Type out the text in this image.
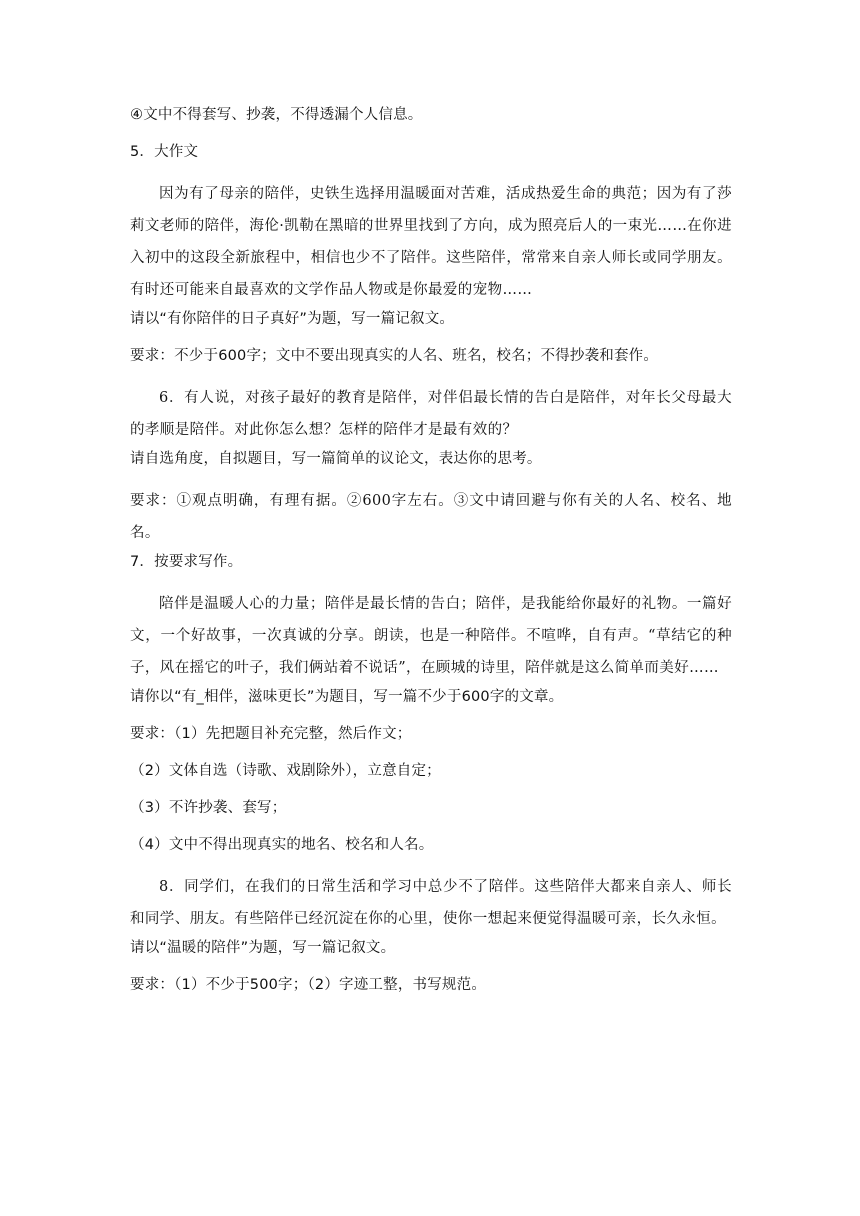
④文中不得套写、抄袭，不得透漏个人信息。

5．大作文

因为有了母亲的陪伴，史铁生选择用温暖面对苦难，活成热爱生命的典范；因为有了莎莉文老师的陪伴，海伦·凯勒在黑暗的世界里找到了方向，成为照亮后人的一束光……在你进入初中的这段全新旅程中，相信也少不了陪伴。这些陪伴，常常来自亲人师长或同学朋友。有时还可能来自最喜欢的文学作品人物或是你最爱的宠物……

请以“有你陪伴的日子真好”为题，写一篇记叙文。

要求：不少于600字；文中不要出现真实的人名、班名，校名；不得抄袭和套作。

6．有人说，对孩子最好的教育是陪伴，对伴侣最长情的告白是陪伴，对年长父母最大的孝顺是陪伴。对此你怎么想？怎样的陪伴才是最有效的？

请自选角度，自拟题目，写一篇简单的议论文，表达你的思考。

要求：①观点明确，有理有据。②600字左右。③文中请回避与你有关的人名、校名、地名。

7．按要求写作。

陪伴是温暖人心的力量；陪伴是最长情的告白；陪伴，是我能给你最好的礼物。一篇好文，一个好故事，一次真诚的分享。朗读，也是一种陪伴。不喧哗，自有声。“草结它的种子，风在摇它的叶子，我们俩站着不说话”，在顾城的诗里，陪伴就是这么简单而美好……

请你以“有_相伴，滋味更长”为题目，写一篇不少于600字的文章。

要求：（1）先把题目补充完整，然后作文；

（2）文体自选（诗歌、戏剧除外），立意自定；

（3）不许抄袭、套写；

（4）文中不得出现真实的地名、校名和人名。

8．同学们，在我们的日常生活和学习中总少不了陪伴。这些陪伴大都来自亲人、师长和同学、朋友。有些陪伴已经沉淀在你的心里，使你一想起来便觉得温暖可亲，长久永恒。

请以“温暖的陪伴”为题，写一篇记叙文。

要求：（1）不少于500字；（2）字迹工整，书写规范。
